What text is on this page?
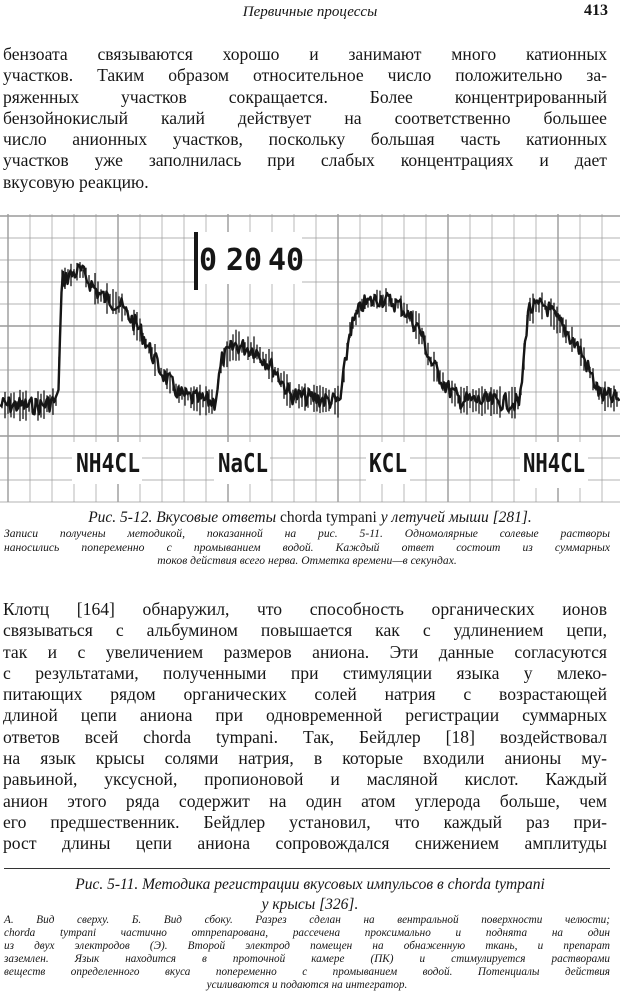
Первичные процессы	413
бензоата связываются хорошо и занимают много катионных
участков. Таким образом относительное число положительно за-
ряженных участков сокращается. Более концентрированный
бензойнокислый калий действует на соответственно большее
число анионных участков, поскольку большая часть катионных
участков уже заполнилась при слабых концентрациях и дает
вкусовую реакцию.
0 20 40
NH4CL	NaCL	KCL	NH4CL
Рис. 5-12. Вкусовые ответы chorda tympani у летучей мыши [281].
Записи получены методикой, показанной на рис. 5-11. Одномолярные солевые растворы
наносились попеременно с промыванием водой. Каждый ответ состоит из суммарных
токов действия всего нерва. Отметка времени—в секундах.
Клотц [164] обнаружил, что способность органических ионов
связываться с альбумином повышается как с удлинением цепи,
так и с увеличением размеров аниона. Эти данные согласуются
с результатами, полученными при стимуляции языка у млеко-
питающих рядом органических солей натрия с возрастающей
длиной цепи аниона при одновременной регистрации суммарных
ответов всей chorda tympani. Так, Бейдлер [18] воздействовал
на язык крысы солями натрия, в которые входили анионы му-
равьиной, уксусной, пропионовой и масляной кислот. Каждый
анион этого ряда содержит на один атом углерода больше, чем
его предшественник. Бейдлер установил, что каждый раз при-
рост длины цепи аниона сопровождался снижением амплитуды
Рис. 5-11. Методика регистрации вкусовых импульсов в chorda tympani
у крысы [326].
А. Вид сверху. Б. Вид сбоку. Разрез сделан на вентральной поверхности челюсти;
chorda tympani частично отпрепарована, рассечена проксимально и поднята на один
из двух электродов (Э). Второй электрод помещен на обнаженную ткань, и препарат
заземлен. Язык находится в проточной камере (ПК) и стимулируется растворами
веществ определенного вкуса попеременно с промыванием водой. Потенциалы действия
усиливаются и подаются на интегратор.
